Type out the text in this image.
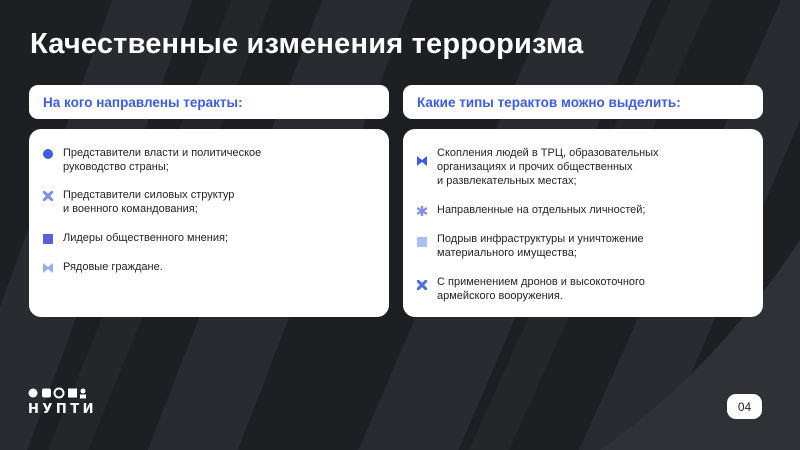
Качественные изменения терроризма
На кого направлены теракты:
Представители власти и политическое
руководство страны;
Представители силовых структур
и военного командования;
Лидеры общественного мнения;
Рядовые граждане.
Какие типы терактов можно выделить:
Скопления людей в ТРЦ, образовательных
организациях и прочих общественных
и развлекательных местах;
Направленные на отдельных личностей;
Подрыв инфраструктуры и уничтожение
материального имущества;
С применением дронов и высокоточного
армейского вооружения.
НУПТИ	04
